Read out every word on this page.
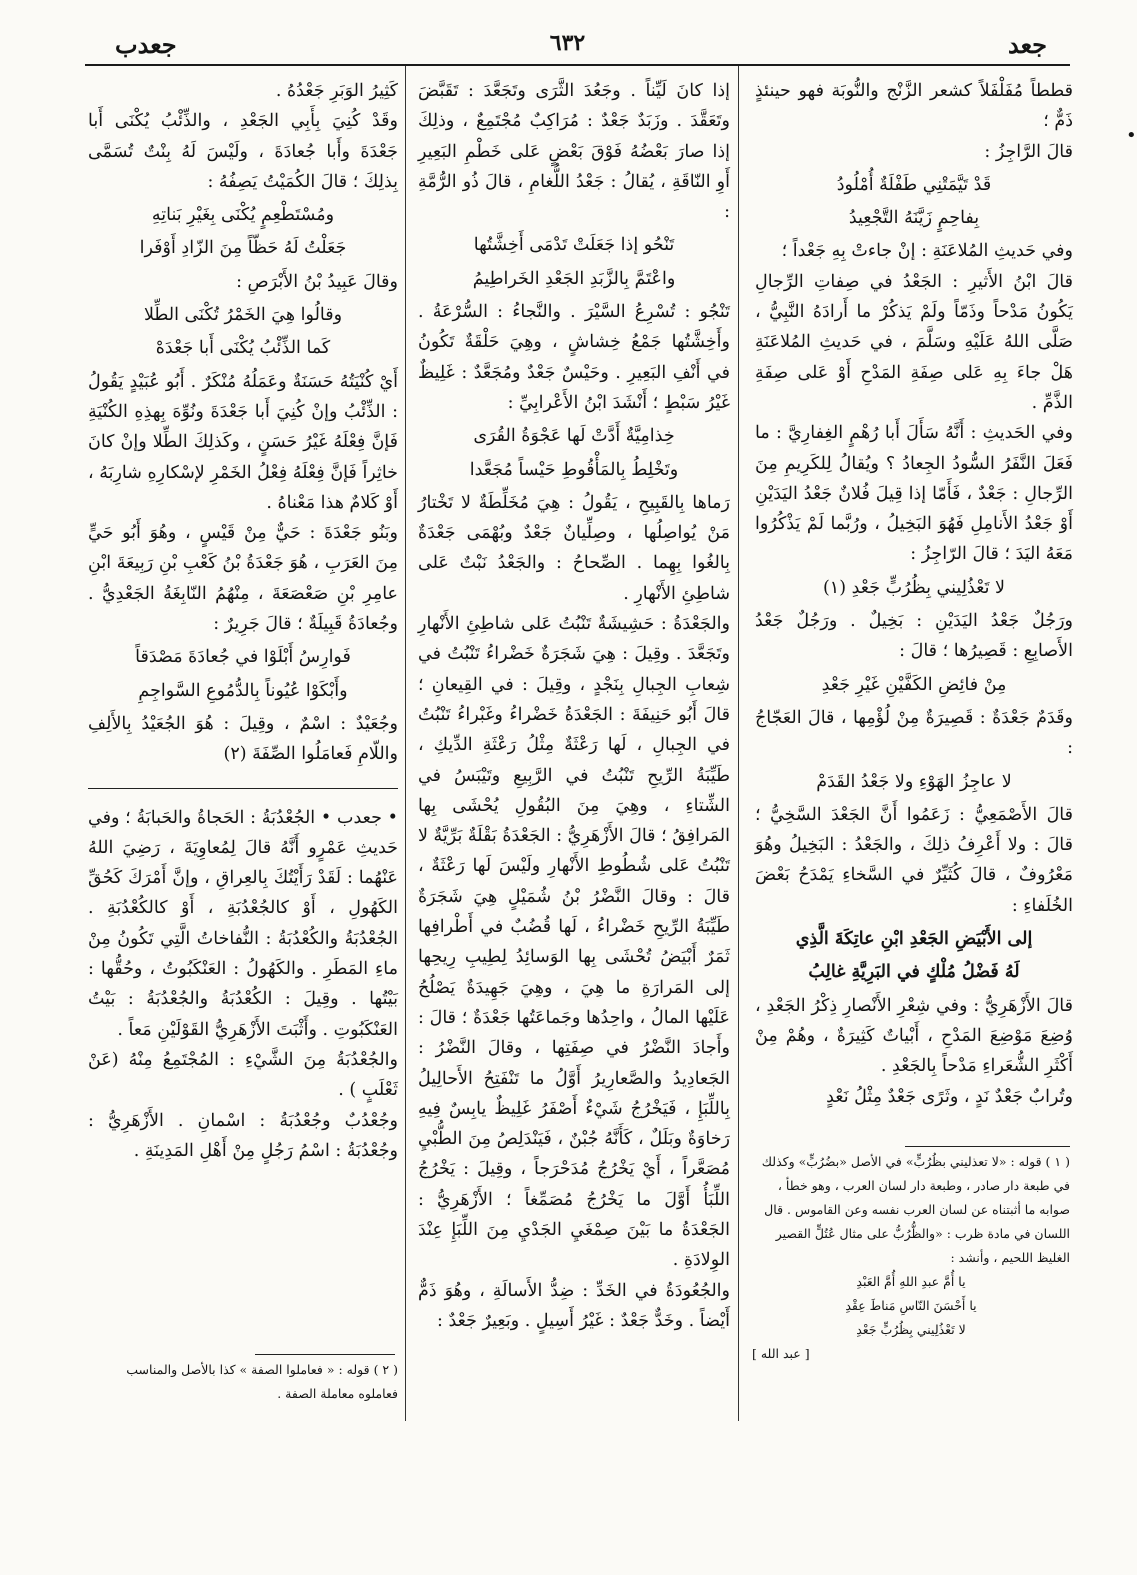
جعدب	٦٣٢	جعد
•

قططاً مُفَلْفَلاً كشعر الزَّنْج والنُّوبَة فهو حينئذٍ ذَمٌّ ؛

قالَ الرَّاجِزُ :

قَدْ تَيَّمَتْنِي طَفْلَةٌ أُمْلُودُ

بِفاحِمٍ زَيَّنَهُ التَّجْعِيدُ

وفي حَديثِ المُلاعَنَةِ : إنْ جاءتْ بِهِ جَعْداً ؛

قالَ ابْنُ الأَثيرِ : الجَعْدُ في صِفاتِ الرِّجالِ يَكُونُ مَدْحاً وذَمّاً ولَمْ يَذكُرْ ما أَرادَهُ النَّبِيُّ ، صَلَّى اللهُ عَلَيْهِ وسَلَّمَ ، في حَديثِ المُلاعَنَةِ هَلْ جاءَ بِهِ عَلى صِفَةِ المَدْحِ أَوْ عَلى صِفَةِ الذَّمِّ .

وفي الحَديثِ : أَنَّهُ سَأَلَ أَبا رُهْمٍ الغِفارِيَّ : ما فَعَلَ النَّفَرُ السُّودُ الجِعادُ ؟ ويُقالُ لِلكَرِيمِ مِنَ الرِّجالِ : جَعْدٌ ، فَأَمّا إذا قِيلَ فُلانٌ جَعْدُ اليَدَيْنِ أَوْ جَعْدُ الأَنامِلِ فَهُوَ البَخِيلُ ، ورُبَّما لَمْ يَذْكُرُوا مَعَهُ اليَدَ ؛ قالَ الرّاجِزُ :

لا تَعْذُلِيني بِظُرُبٍّ جَعْدِ (١)

ورَجُلٌ جَعْدُ اليَدَيْنِ : بَخِيلٌ . ورَجُلٌ جَعْدُ الأَصابِعِ : قَصِيرُها ؛ قالَ :

مِنْ فائِضِ الكَفَّيْنِ غَيْرِ جَعْدِ

وقَدَمٌ جَعْدَةٌ : قَصِيرَةٌ مِنْ لُؤْمِها ، قالَ العَجّاجُ :

لا عاجِزُ الهَوْءِ ولا جَعْدُ القَدَمْ

قالَ الأَصْمَعِيُّ : زَعَمُوا أَنَّ الجَعْدَ السَّخِيُّ ؛ قالَ : ولا أَعْرِفُ ذلِكَ ، والجَعْدُ : البَخِيلُ وهُوَ مَعْرُوفٌ ، قالَ كُثَيِّرٌ في السَّخاءِ يَمْدَحُ بَعْضَ الخُلَفاءِ :

إلى الأَبْيَضِ الجَعْدِ ابْنِ عاتِكَةَ الَّذِي

لَهُ فَضْلُ مُلْكٍ في البَرِيَّةِ غالِبُ

قالَ الأَزْهَرِيُّ : وفي شِعْرِ الأَنْصارِ ذِكْرُ الجَعْدِ ، وُضِعَ مَوْضِعَ المَدْحِ ، أَبْياتٌ كَثِيرَةٌ ، وهُمْ مِنْ أَكْثَرِ الشُّعَراءِ مَدْحاً بِالجَعْدِ .

وتُرابٌ جَعْدٌ نَدٍ ، وثَرًى جَعْدٌ مِثْلُ نَعْدٍ

( ١ ) قوله : «لا تعذليني بظُرُبٍّ» في الأصل «بضُرُبٍّ» وكذلك في طبعة دار صادر ، وطبعة دار لسان العرب ، وهو خطأ ، صوابه ما أثبتناه عن لسان العرب نفسه وعن القاموس . قال اللسان في مادة ظرب : «والظُّرُبُّ على مثال عُتُلٍّ القصير الغليظ اللحيم ، وأنشد :

يا أُمَّ عبدِ اللهِ أُمَّ العَبْدِ

يا أَحْسَنَ النّاسِ مَناطَ عِقْدِ

لا تَعْذُلِيني بِظُرُبٍّ جَعْدِ

[ عبد الله ]

إذا كانَ لَيِّناً . وجَعُدَ الثَّرَى وتَجَعَّدَ : تَقَبَّضَ وتَعَقَّدَ . وزَبَدٌ جَعْدٌ : مُرَاكِبٌ مُجْتَمِعٌ ، وذلِكَ إذا صارَ بَعْضُهُ فَوْقَ بَعْضٍ عَلى خَطْمِ البَعِيرِ أَوِ النّاقَةِ ، يُقالُ : جَعْدُ اللُّغامِ ، قالَ ذُو الرُّمَّةِ :

تَنْحُو إذا جَعَلَتْ تَدْمَى أَخِشَّتُها

واعْتَمَّ بِالزَّبَدِ الجَعْدِ الخَراطِيمُ

تَنْجُو : تُسْرِعُ السَّيْرَ . والنَّجاءُ : السُّرْعَةُ . وأَخِشَّتُها جَمْعُ خِشاشٍ ، وهِيَ حَلْقَةٌ تَكُونُ في أَنْفِ البَعِيرِ . وحَيْسٌ جَعْدٌ ومُجَعَّدٌ : غَلِيظٌ غَيْرُ سَبْطٍ ؛ أَنْشَدَ ابْنُ الأَعْرابِيِّ :

خِذامِيَّةٌ أَدَّتْ لَها عَجْوَةُ القُرَى

وتَخْلِطُ بِالمَأْقُوطِ حَيْساً مُجَعَّدا

رَماها بِالقَبِيحِ ، يَقُولُ : هِيَ مُخَلِّطَةٌ لا تَخْتارُ مَنْ يُواصِلُها ، وصِلِّيانٌ جَعْدٌ وبُهْمَى جَعْدَةٌ بِالغُوا بِهِما . الصِّحاحُ : والجَعْدُ نَبْتٌ عَلى شاطِئِ الأَنْهارِ .

والجَعْدَةُ : حَشِيشَةٌ تَنْبُتُ عَلى شاطِئِ الأَنْهارِ وتَجَعَّدَ . وقِيلَ : هِيَ شَجَرَةٌ خَضْراءُ تَنْبُتُ في شِعابِ الجِبالِ بِنَجْدٍ ، وقِيلَ : في القِيعانِ ؛ قالَ أَبُو حَنِيفَةَ : الجَعْدَةُ خَضْراءُ وغَبْراءُ تَنْبُتُ في الجِبالِ ، لَها رَعْثَةٌ مِثْلُ رَعْثَةِ الدِّيكِ ، طَيِّبَةُ الرِّيحِ تَنْبُتُ في الرَّبِيعِ وتَيْبَسُ في الشِّتاءِ ، وهِيَ مِنَ البُقُولِ يُحْشَى بِها المَرافِقُ ؛ قالَ الأَزْهَرِيُّ : الجَعْدَةُ بَقْلَةٌ بَرِّيَّةٌ لا تَنْبُتُ عَلى شُطُوطِ الأَنْهارِ ولَيْسَ لَها رَعْثَةٌ ، قالَ : وقالَ النَّضْرُ بْنُ شُمَيْلٍ هِيَ شَجَرَةٌ طَيِّبَةُ الرِّيحِ خَضْراءُ ، لَها قُضُبٌ في أَطْرافِها ثَمَرٌ أَبْيَضُ تُحْشَى بِها الوَسائِدُ لِطِيبِ رِيحِها إلى المَرارَةِ ما هِيَ ، وهِيَ جَهِيدَةٌ يَصْلُحُ عَلَيْها المالُ ، واحِدُها وجَماعَتُها جَعْدَةٌ ؛ قالَ : وأَجادَ النَّضْرُ في صِفَتِها ، وقالَ النَّضْرُ : الجَعادِيدُ والصَّعارِيرُ أَوَّلُ ما تَنْفَتِحُ الأَحالِيلُ بِاللِّبَإِ ، فَيَخْرُجُ شَيْءٌ أَصْفَرُ غَلِيظٌ يابِسٌ فِيهِ رَخاوَةٌ وبَلَلٌ ، كَأَنَّهُ جُبْنٌ ، فَيَنْدَلِصُ مِنَ الطُّبْيِ مُصَعَّراً ، أَيْ يَخْرُجُ مُدَحْرَجاً ، وقِيلَ : يَخْرُجُ اللِّبَأُ أَوَّلَ ما يَخْرُجُ مُصَمِّغاً ؛ الأَزْهَرِيُّ : الجَعْدَةُ ما بَيْنَ صِمْغَيِ الجَدْيِ مِنَ اللِّبَإِ عِنْدَ الوِلادَةِ .

والجُعُودَةُ في الخَدِّ : ضِدُّ الأَسالَةِ ، وهُوَ ذَمٌّ أَيْضاً . وخَدٌّ جَعْدٌ : غَيْرُ أَسِيلٍ . وبَعِيرٌ جَعْدٌ :

كَثِيرُ الوَبَرِ جَعْدُهُ .

وقَدْ كُنِيَ بِأَبِي الجَعْدِ ، والذِّئْبُ يُكْنَى أَبا جَعْدَةَ وأَبا جُعادَةَ ، ولَيْسَ لَهُ بِنْتٌ تُسَمَّى بِذلِكَ ؛ قالَ الكُمَيْتُ يَصِفُهُ :

ومُسْتَطْعِمٍ يُكْنَى بِغَيْرِ بَناتِهِ

جَعَلْتُ لَهُ حَظّاً مِنَ الزّادِ أَوْفَرا

وقالَ عَبِيدُ بْنُ الأَبْرَصِ :

وقالُوا هِيَ الخَمْرُ تُكْنَى الطِّلا

كَما الذِّئْبُ يُكْنَى أَبا جَعْدَهْ

أَيْ كُنْيَتُهُ حَسَنَةٌ وعَمَلُهُ مُنْكَرٌ . أَبُو عُبَيْدٍ يَقُولُ : الذِّئْبُ وإنْ كُنِيَ أَبا جَعْدَةَ ونُوِّهَ بِهذِهِ الكُنْيَةِ فَإنَّ فِعْلَهُ غَيْرُ حَسَنٍ ، وكَذلِكَ الطِّلا وإنْ كانَ خاثِراً فَإنَّ فِعْلَهُ فِعْلُ الخَمْرِ لإسْكارِهِ شارِبَهُ ، أَوْ كَلامٌ هذا مَعْناهُ .

وبَنُو جَعْدَةَ : حَيٌّ مِنْ قَيْسٍ ، وهُوَ أَبُو حَيٍّ مِنَ العَرَبِ ، هُوَ جَعْدَةُ بْنُ كَعْبِ بْنِ رَبِيعَةَ ابْنِ عامِرِ بْنِ صَعْصَعَةَ ، مِنْهُمُ النّابِغَةُ الجَعْدِيُّ . وجُعادَةُ قَبِيلَةٌ ؛ قالَ جَرِيرٌ :

فَوارِسُ أَبْلَوْا في جُعادَةَ مَصْدَقاً

وأَبْكَوْا عُيُوناً بِالدُّمُوعِ السَّواجِمِ

وجُعَيْدٌ : اسْمٌ ، وقِيلَ : هُوَ الجُعَيْدُ بِالأَلِفِ واللّامِ فَعامَلُوا الصِّفَةَ (٢)

• جعدب • الجُعْدُبَةُ : الحَجاةُ والحَبابَةُ ؛ وفي حَديثِ عَمْرٍو أَنَّهُ قالَ لِمُعاوِيَةَ ، رَضِيَ اللهُ عَنْهُما : لَقَدْ رَأَيْتُكَ بِالعِراقِ ، وإنَّ أَمْرَكَ كَحُقِّ الكَهُولِ ، أَوْ كالجُعْدُبَةِ ، أَوْ كالكُعْدُبَةِ . الجُعْدُبَةُ والكُعْدُبَةُ : النُّفاخاتُ الَّتِي تَكُونُ مِنْ ماءِ المَطَرِ . والكَهُولُ : العَنْكَبُوتُ ، وحُقُّها : بَيْتُها . وقِيلَ : الكُعْدُبَةُ والجُعْدُبَةُ : بَيْتُ العَنْكَبُوتِ . وأَثْبَتَ الأَزْهَرِيُّ القَوْلَيْنِ مَعاً .

والجُعْدُبَةُ مِنَ الشَّيْءِ : المُجْتَمِعُ مِنْهُ (عَنْ ثَعْلَبٍ ) .

وجُعْدُبٌ وجُعْدُبَةُ : اسْمانِ . الأَزْهَرِيُّ : وجُعْدُبَةُ : اسْمُ رَجُلٍ مِنْ أَهْلِ المَدِينَةِ .

( ٢ ) قوله : « فعاملوا الصفة » كذا بالأصل والمناسب فعاملوه معاملة الصفة .
